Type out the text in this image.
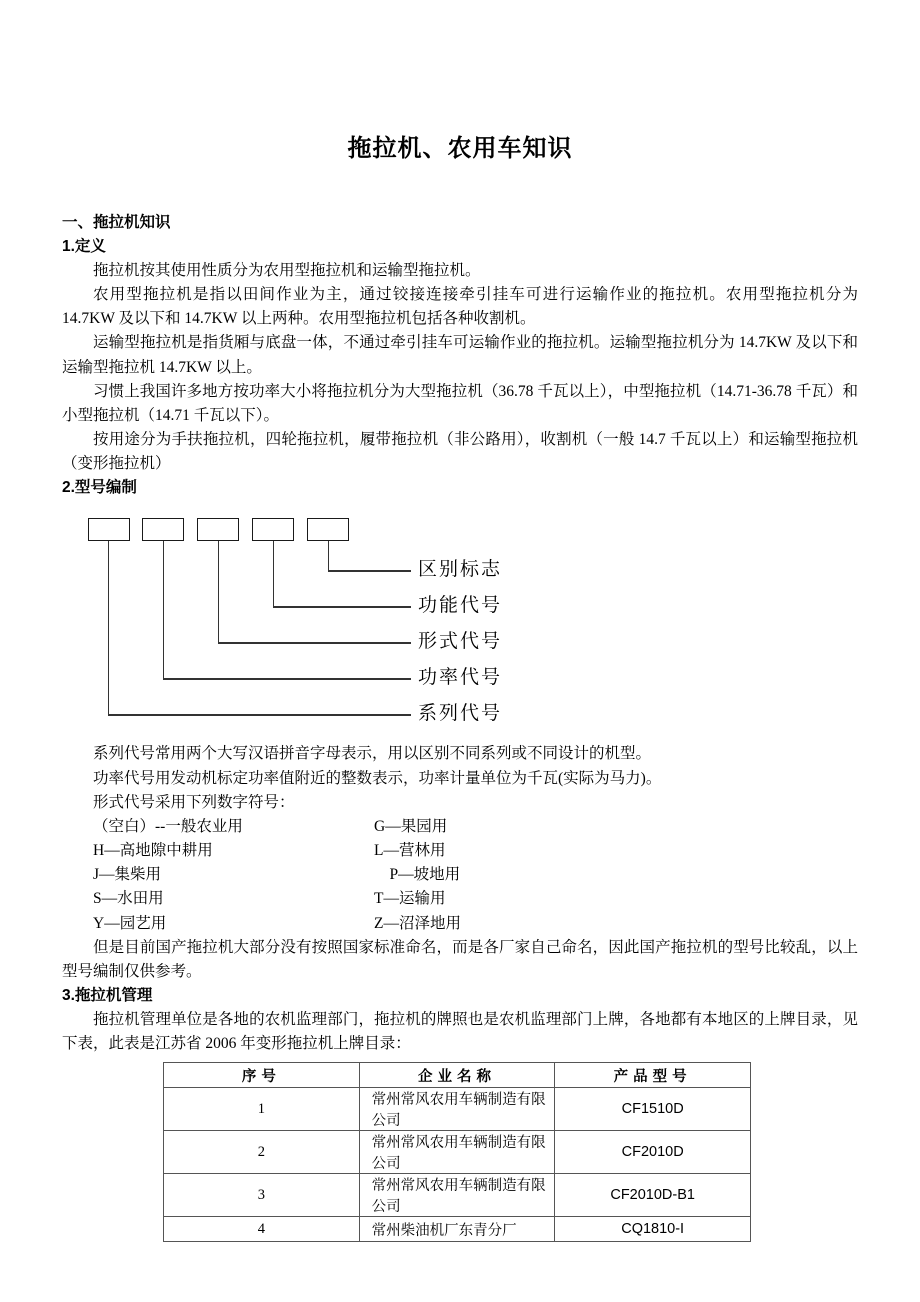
拖拉机、农用车知识
一、拖拉机知识
1.定义

拖拉机按其使用性质分为农用型拖拉机和运输型拖拉机。

农用型拖拉机是指以田间作业为主，通过铰接连接牵引挂车可进行运输作业的拖拉机。农用型拖拉机分为 14.7KW 及以下和 14.7KW 以上两种。农用型拖拉机包括各种收割机。

运输型拖拉机是指货厢与底盘一体，不通过牵引挂车可运输作业的拖拉机。运输型拖拉机分为 14.7KW 及以下和运输型拖拉机 14.7KW 以上。

习惯上我国许多地方按功率大小将拖拉机分为大型拖拉机（36.78 千瓦以上），中型拖拉机（14.71-36.78 千瓦）和小型拖拉机（14.71 千瓦以下）。

按用途分为手扶拖拉机，四轮拖拉机，履带拖拉机（非公路用），收割机（一般 14.7 千瓦以上）和运输型拖拉机（变形拖拉机）

2.型号编制
区别标志
功能代号
形式代号
功率代号
系列代号

系列代号常用两个大写汉语拼音字母表示，用以区别不同系列或不同设计的机型。

功率代号用发动机标定功率值附近的整数表示，功率计量单位为千瓦(实际为马力)。

形式代号采用下列数字符号：

（空白）--一般农业用	G—果园用
H—高地隙中耕用	L—营林用
J—集柴用	　P—坡地用
S—水田用	T—运输用
Y—园艺用	Z—沼泽地用

但是目前国产拖拉机大部分没有按照国家标准命名，而是各厂家自己命名，因此国产拖拉机的型号比较乱，以上型号编制仅供参考。

3.拖拉机管理

拖拉机管理单位是各地的农机监理部门，拖拉机的牌照也是农机监理部门上牌，各地都有本地区的上牌目录，见下表，此表是江苏省 2006 年变形拖拉机上牌目录：

序号	企业名称	产品型号
1	常州常风农用车辆制造有限公司	CF1510D
2	常州常风农用车辆制造有限公司	CF2010D
3	常州常风农用车辆制造有限公司	CF2010D-B1
4	常州柴油机厂东青分厂	CQ1810-I
